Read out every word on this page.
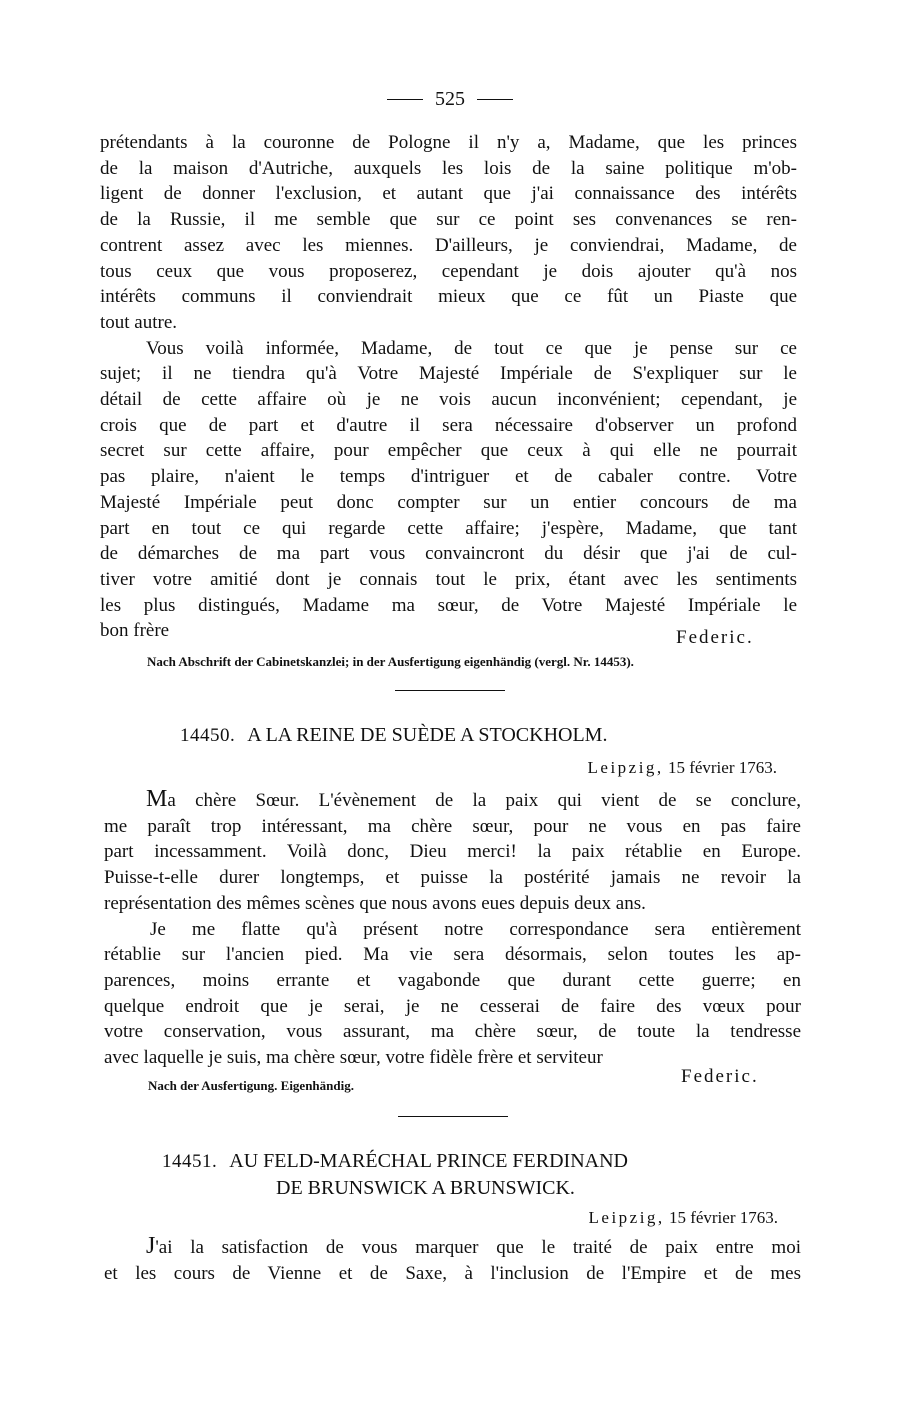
525
prétendants à la couronne de Pologne il n'y a, Madame, que les princes
de la maison d'Autriche, auxquels les lois de la saine politique m'ob-
ligent de donner l'exclusion, et autant que j'ai connaissance des intérêts
de la Russie, il me semble que sur ce point ses convenances se ren-
contrent assez avec les miennes. D'ailleurs, je conviendrai, Madame, de
tous ceux que vous proposerez, cependant je dois ajouter qu'à nos
intérêts communs il conviendrait mieux que ce fût un Piaste que
tout autre.
Vous voilà informée, Madame, de tout ce que je pense sur ce
sujet; il ne tiendra qu'à Votre Majesté Impériale de S'expliquer sur le
détail de cette affaire où je ne vois aucun inconvénient; cependant, je
crois que de part et d'autre il sera nécessaire d'observer un profond
secret sur cette affaire, pour empêcher que ceux à qui elle ne pourrait
pas plaire, n'aient le temps d'intriguer et de cabaler contre. Votre
Majesté Impériale peut donc compter sur un entier concours de ma
part en tout ce qui regarde cette affaire; j'espère, Madame, que tant
de démarches de ma part vous convaincront du désir que j'ai de cul-
tiver votre amitié dont je connais tout le prix, étant avec les sentiments
les plus distingués, Madame ma sœur, de Votre Majesté Impériale le
bon frère	Federic.
Nach Abschrift der Cabinetskanzlei; in der Ausfertigung eigenhändig (vergl. Nr. 14453).
14450. A LA REINE DE SUÈDE A STOCKHOLM.
Leipzig, 15 février 1763.
Ma chère Sœur. L'évènement de la paix qui vient de se conclure,
me paraît trop intéressant, ma chère sœur, pour ne vous en pas faire
part incessamment. Voilà donc, Dieu merci! la paix rétablie en Europe.
Puisse-t-elle durer longtemps, et puisse la postérité jamais ne revoir la
représentation des mêmes scènes que nous avons eues depuis deux ans.
Je me flatte qu'à présent notre correspondance sera entièrement
rétablie sur l'ancien pied. Ma vie sera désormais, selon toutes les ap-
parences, moins errante et vagabonde que durant cette guerre; en
quelque endroit que je serai, je ne cesserai de faire des vœux pour
votre conservation, vous assurant, ma chère sœur, de toute la tendresse
avec laquelle je suis, ma chère sœur, votre fidèle frère et serviteur
Nach der Ausfertigung. Eigenhändig.	Federic.
14451. AU FELD-MARÉCHAL PRINCE FERDINAND
DE BRUNSWICK A BRUNSWICK.
Leipzig, 15 février 1763.
J'ai la satisfaction de vous marquer que le traité de paix entre moi
et les cours de Vienne et de Saxe, à l'inclusion de l'Empire et de mes
